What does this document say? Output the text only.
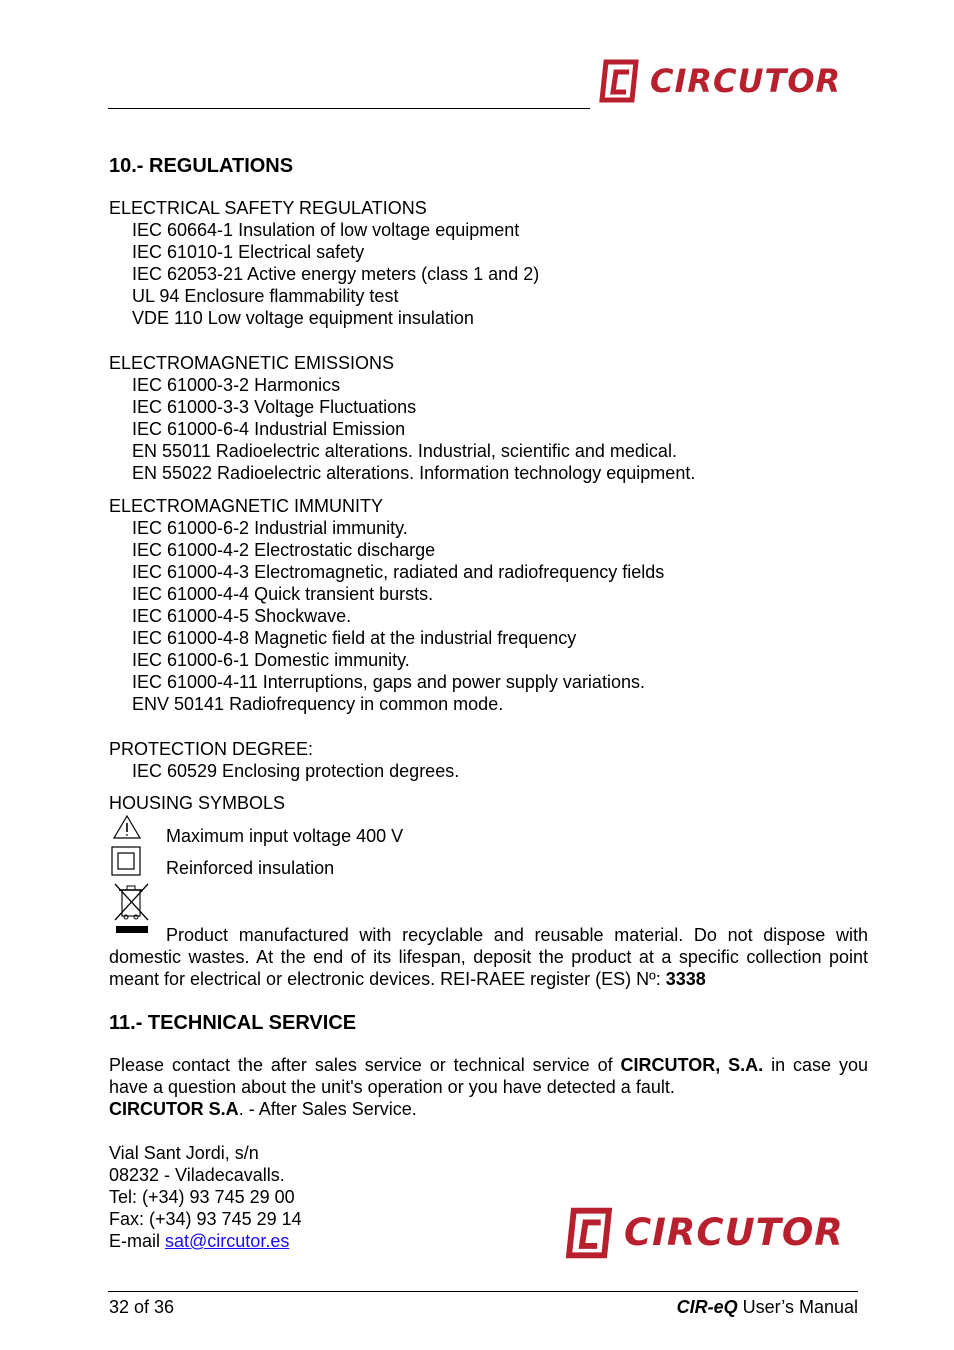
CIRCUTOR
10.- REGULATIONS
ELECTRICAL SAFETY REGULATIONS
IEC 60664-1 Insulation of low voltage equipment
IEC 61010-1 Electrical safety
IEC 62053-21 Active energy meters (class 1 and 2)
UL 94 Enclosure flammability test
VDE 110 Low voltage equipment insulation
ELECTROMAGNETIC EMISSIONS
IEC 61000-3-2 Harmonics
IEC 61000-3-3 Voltage Fluctuations
IEC 61000-6-4 Industrial Emission
EN 55011 Radioelectric alterations. Industrial, scientific and medical.
EN 55022 Radioelectric alterations. Information technology equipment.
ELECTROMAGNETIC IMMUNITY
IEC 61000-6-2 Industrial immunity.
IEC 61000-4-2 Electrostatic discharge
IEC 61000-4-3 Electromagnetic, radiated and radiofrequency fields
IEC 61000-4-4 Quick transient bursts.
IEC 61000-4-5 Shockwave.
IEC 61000-4-8 Magnetic field at the industrial frequency
IEC 61000-6-1 Domestic immunity.
IEC 61000-4-11 Interruptions, gaps and power supply variations.
ENV 50141 Radiofrequency in common mode.
PROTECTION DEGREE:
IEC 60529 Enclosing protection degrees.
HOUSING SYMBOLS
Maximum input voltage 400 V
Reinforced insulation
Product manufactured with recyclable and reusable material. Do not dispose with domestic wastes. At the end of its lifespan, deposit the product at a specific collection point meant for electrical or electronic devices. REI-RAEE register (ES) Nº: 3338
11.- TECHNICAL SERVICE
Please contact the after sales service or technical service of CIRCUTOR, S.A. in case you have a question about the unit's operation or you have detected a fault.
CIRCUTOR S.A. - After Sales Service.
Vial Sant Jordi, s/n
08232 - Viladecavalls.
Tel: (+34) 93 745 29 00
Fax: (+34) 93 745 29 14
E-mail sat@circutor.es	CIRCUTOR
32 of 36	CIR-eQ User’s Manual
